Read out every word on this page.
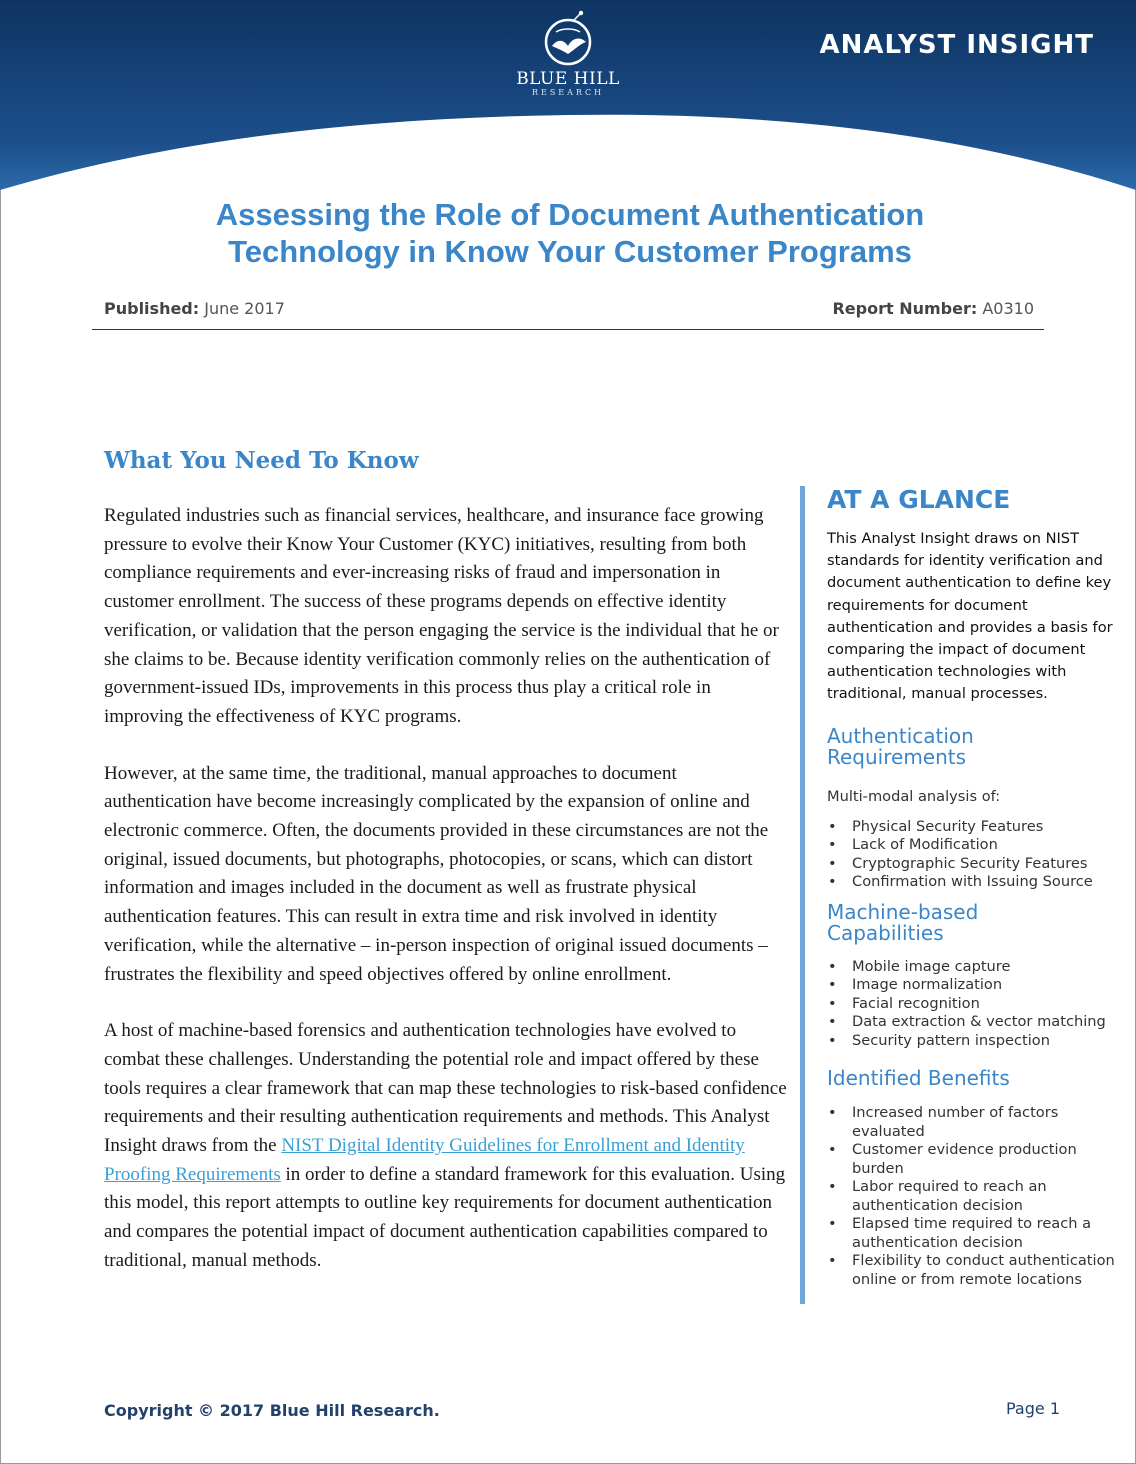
BLUE HILL
RESEARCH
ANALYST INSIGHT
Assessing the Role of Document Authentication
Technology in Know Your Customer Programs
Published: June 2017	Report Number: A0310
What You Need To Know

Regulated industries such as financial services, healthcare, and insurance face growing pressure to evolve their Know Your Customer (KYC) initiatives, resulting from both compliance requirements and ever-increasing risks of fraud and impersonation in customer enrollment. The success of these programs depends on effective identity verification, or validation that the person engaging the service is the individual that he or she claims to be. Because identity verification commonly relies on the authentication of government-issued IDs, improvements in this process thus play a critical role in improving the effectiveness of KYC programs.

However, at the same time, the traditional, manual approaches to document authentication have become increasingly complicated by the expansion of online and electronic commerce. Often, the documents provided in these circumstances are not the original, issued documents, but photographs, photocopies, or scans, which can distort information and images included in the document as well as frustrate physical authentication features. This can result in extra time and risk involved in identity verification, while the alternative – in-person inspection of original issued documents – frustrates the flexibility and speed objectives offered by online enrollment.

A host of machine-based forensics and authentication technologies have evolved to combat these challenges. Understanding the potential role and impact offered by these tools requires a clear framework that can map these technologies to risk-based confidence requirements and their resulting authentication requirements and methods. This Analyst Insight draws from the NIST Digital Identity Guidelines for Enrollment and Identity Proofing Requirements in order to define a standard framework for this evaluation. Using this model, this report attempts to outline key requirements for document authentication and compares the potential impact of document authentication capabilities compared to traditional, manual methods.

AT A GLANCE

This Analyst Insight draws on NIST standards for identity verification and document authentication to define key requirements for document authentication and provides a basis for comparing the impact of document authentication technologies with traditional, manual processes.

Authentication
Requirements

Multi-modal analysis of:

• Physical Security Features
• Lack of Modification
• Cryptographic Security Features
• Confirmation with Issuing Source
Machine-based
Capabilities
• Mobile image capture
• Image normalization
• Facial recognition
• Data extraction & vector matching
• Security pattern inspection
Identified Benefits
• Increased number of factors evaluated
• Customer evidence production burden
• Labor required to reach an authentication decision
• Elapsed time required to reach a authentication decision
• Flexibility to conduct authentication online or from remote locations
Copyright © 2017 Blue Hill Research.	Page 1
